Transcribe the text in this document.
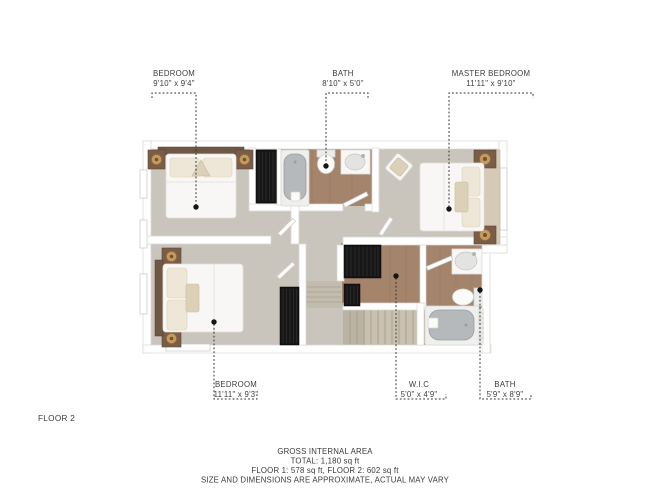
BEDROOM
9'10" x 9'4"
BATH
8'10" x 5'0"
MASTER BEDROOM
11'11" x 9'10"
BEDROOM
11'11" x 9'3"
W.I.C
5'0" x 4'9"
BATH
5'9" x 8'9"
FLOOR 2
GROSS INTERNAL AREA
TOTAL: 1,180 sq ft
FLOOR 1: 578 sq ft, FLOOR 2: 602 sq ft
SIZE AND DIMENSIONS ARE APPROXIMATE, ACTUAL MAY VARY
